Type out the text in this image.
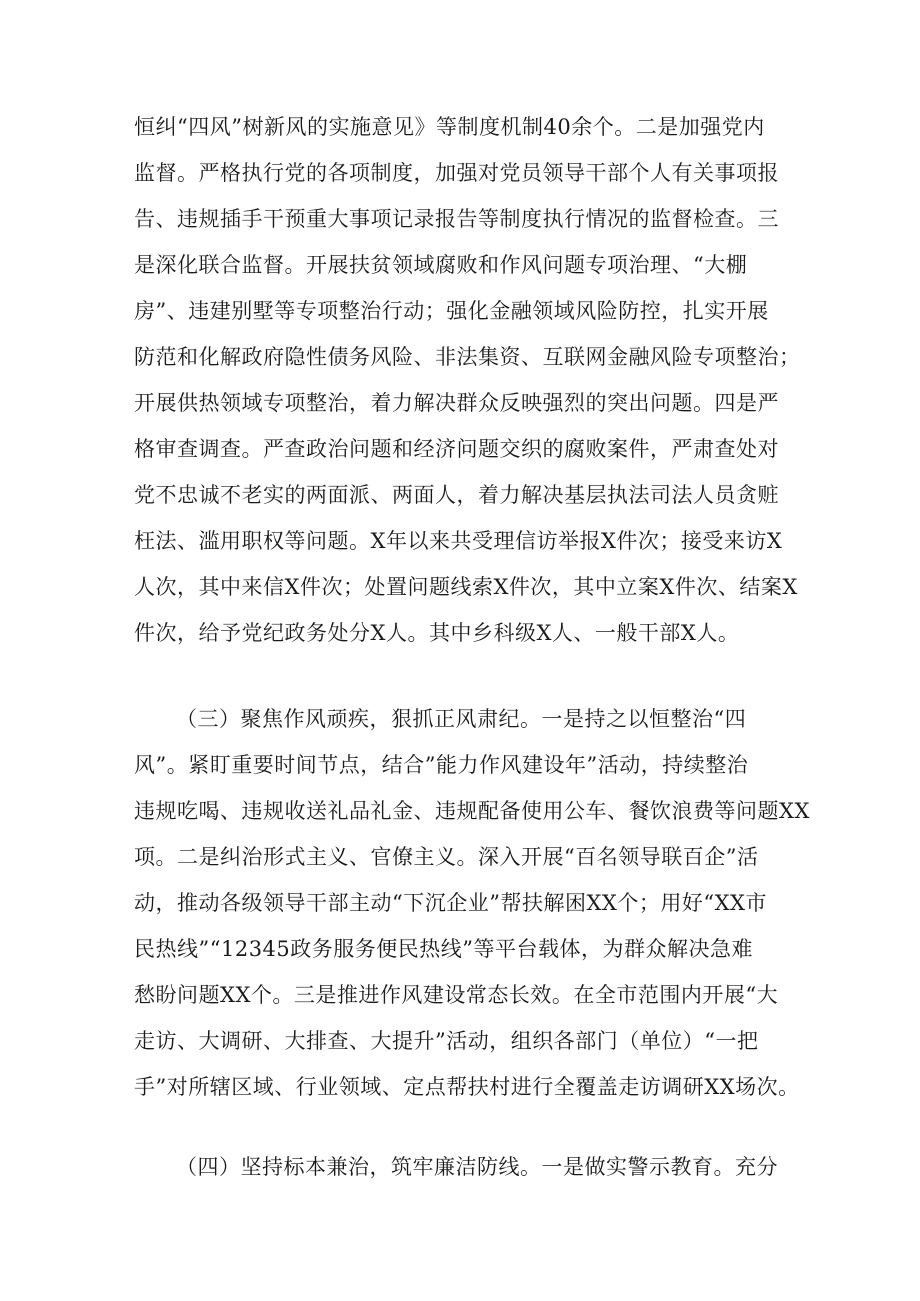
恒纠“四风”树新风的实施意见》等制度机制40余个。二是加强党内
监督。严格执行党的各项制度，加强对党员领导干部个人有关事项报
告、违规插手干预重大事项记录报告等制度执行情况的监督检查。三
是深化联合监督。开展扶贫领域腐败和作风问题专项治理、“大棚
房”、违建别墅等专项整治行动；强化金融领域风险防控，扎实开展
防范和化解政府隐性债务风险、非法集资、互联网金融风险专项整治；
开展供热领域专项整治，着力解决群众反映强烈的突出问题。四是严
格审查调查。严查政治问题和经济问题交织的腐败案件，严肃查处对
党不忠诚不老实的两面派、两面人，着力解决基层执法司法人员贪赃
枉法、滥用职权等问题。X年以来共受理信访举报X件次；接受来访X
人次，其中来信X件次；处置问题线索X件次，其中立案X件次、结案X
件次，给予党纪政务处分X人。其中乡科级X人、一般干部X人。
（三）聚焦作风顽疾，狠抓正风肃纪。一是持之以恒整治“四
风”。紧盯重要时间节点，结合”能力作风建设年”活动，持续整治
违规吃喝、违规收送礼品礼金、违规配备使用公车、餐饮浪费等问题XX
项。二是纠治形式主义、官僚主义。深入开展“百名领导联百企”活
动，推动各级领导干部主动“下沉企业”帮扶解困XX个；用好“XX市
民热线”“12345政务服务便民热线”等平台载体，为群众解决急难
愁盼问题XX个。三是推进作风建设常态长效。在全市范围内开展“大
走访、大调研、大排查、大提升”活动，组织各部门（单位）“一把
手”对所辖区域、行业领域、定点帮扶村进行全覆盖走访调研XX场次。
（四）坚持标本兼治，筑牢廉洁防线。一是做实警示教育。充分
